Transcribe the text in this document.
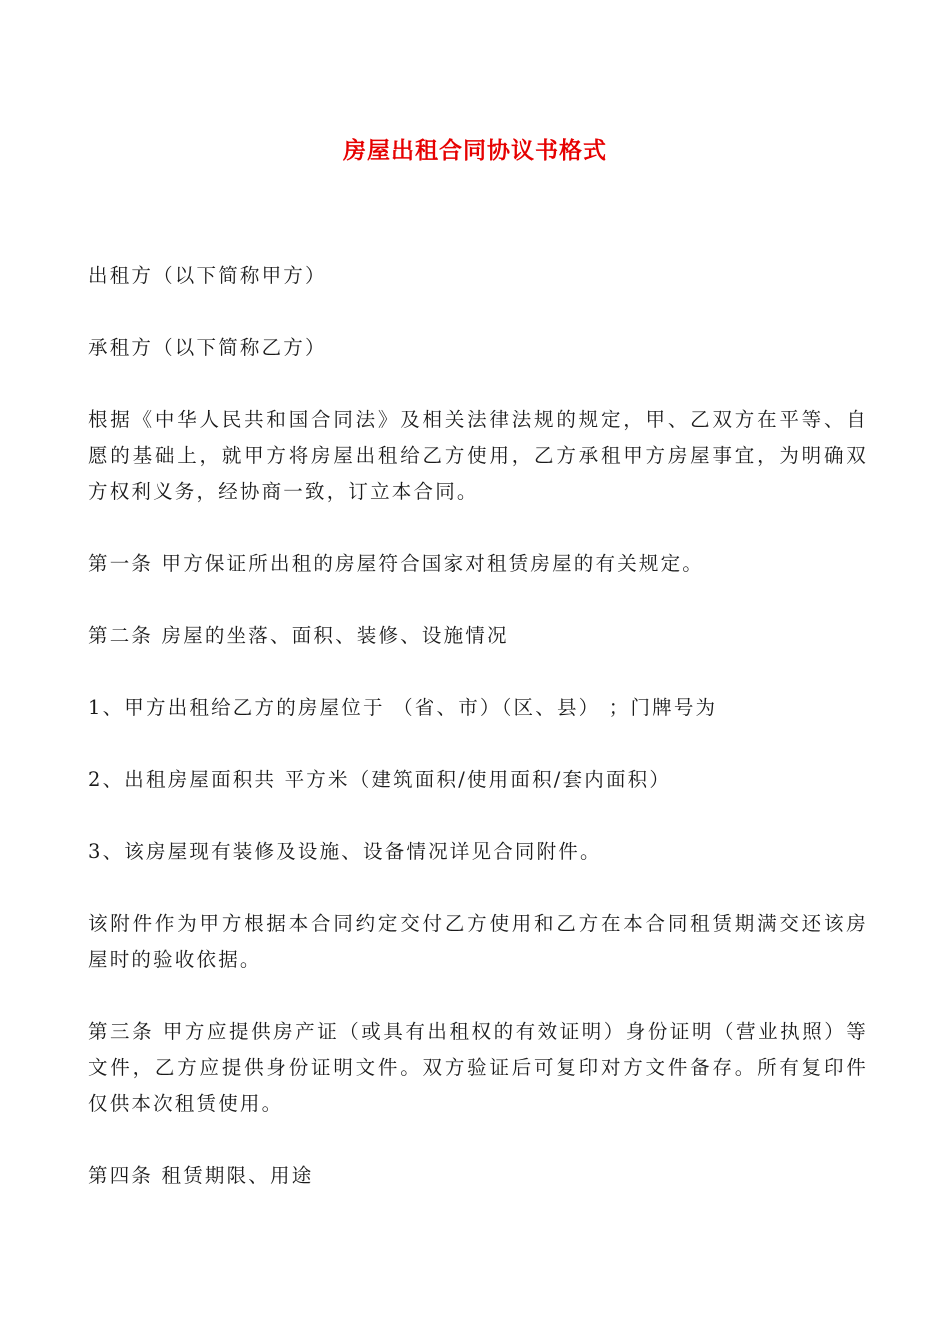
房屋出租合同协议书格式

出租方（以下简称甲方）

承租方（以下简称乙方）

根据《中华人民共和国合同法》及相关法律法规的规定，甲、乙双方在平等、自愿的基础上，就甲方将房屋出租给乙方使用，乙方承租甲方房屋事宜，为明确双方权利义务，经协商一致，订立本合同。

第一条 甲方保证所出租的房屋符合国家对租赁房屋的有关规定。

第二条 房屋的坐落、面积、装修、设施情况

1、甲方出租给乙方的房屋位于 （省、市）（区、县） ；门牌号为

2、出租房屋面积共 平方米（建筑面积/使用面积/套内面积）

3、该房屋现有装修及设施、设备情况详见合同附件。

该附件作为甲方根据本合同约定交付乙方使用和乙方在本合同租赁期满交还该房屋时的验收依据。

第三条 甲方应提供房产证（或具有出租权的有效证明）身份证明（营业执照）等文件，乙方应提供身份证明文件。双方验证后可复印对方文件备存。所有复印件仅供本次租赁使用。

第四条 租赁期限、用途
